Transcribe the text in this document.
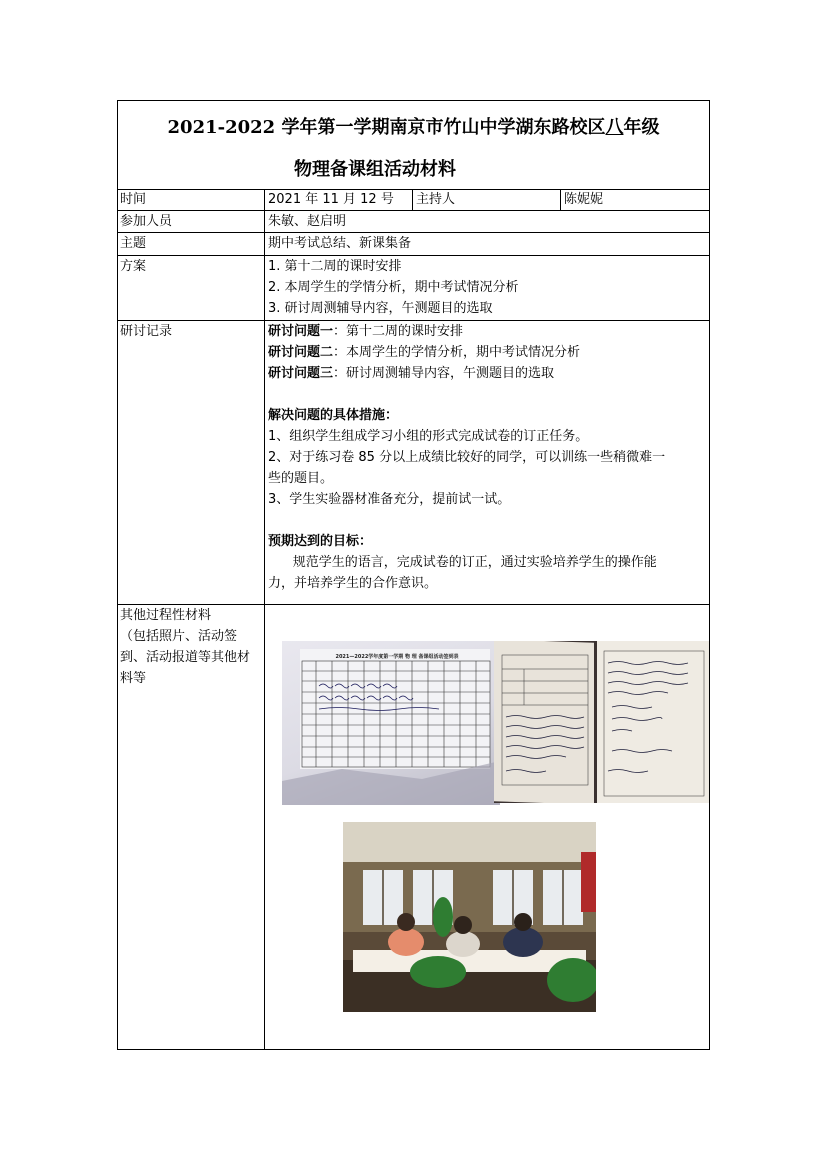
2021-2022 学年第一学期南京市竹山中学湖东路校区八年级
物理备课组活动材料
时间	2021 年 11 月 12 号	主持人	陈妮妮
参加人员	朱敏、赵启明
主题	期中考试总结、新课集备
方案	1. 第十二周的课时安排
2. 本周学生的学情分析，期中考试情况分析
3. 研讨周测辅导内容，午测题目的选取
研讨记录	研讨问题一：第十二周的课时安排
研讨问题二：本周学生的学情分析，期中考试情况分析
研讨问题三：研讨周测辅导内容，午测题目的选取
解决问题的具体措施：
1、组织学生组成学习小组的形式完成试卷的订正任务。
2、对于练习卷 85 分以上成绩比较好的同学，可以训练一些稍微难一
些的题目。
3、学生实验器材准备充分，提前试一试。
预期达到的目标：
规范学生的语言，完成试卷的订正，通过实验培养学生的操作能
力，并培养学生的合作意识。
其他过程性材料
（包括照片、活动签
到、活动报道等其他材
料等
2021—2022学年度第一学期 物 理 备课组活动签到表
